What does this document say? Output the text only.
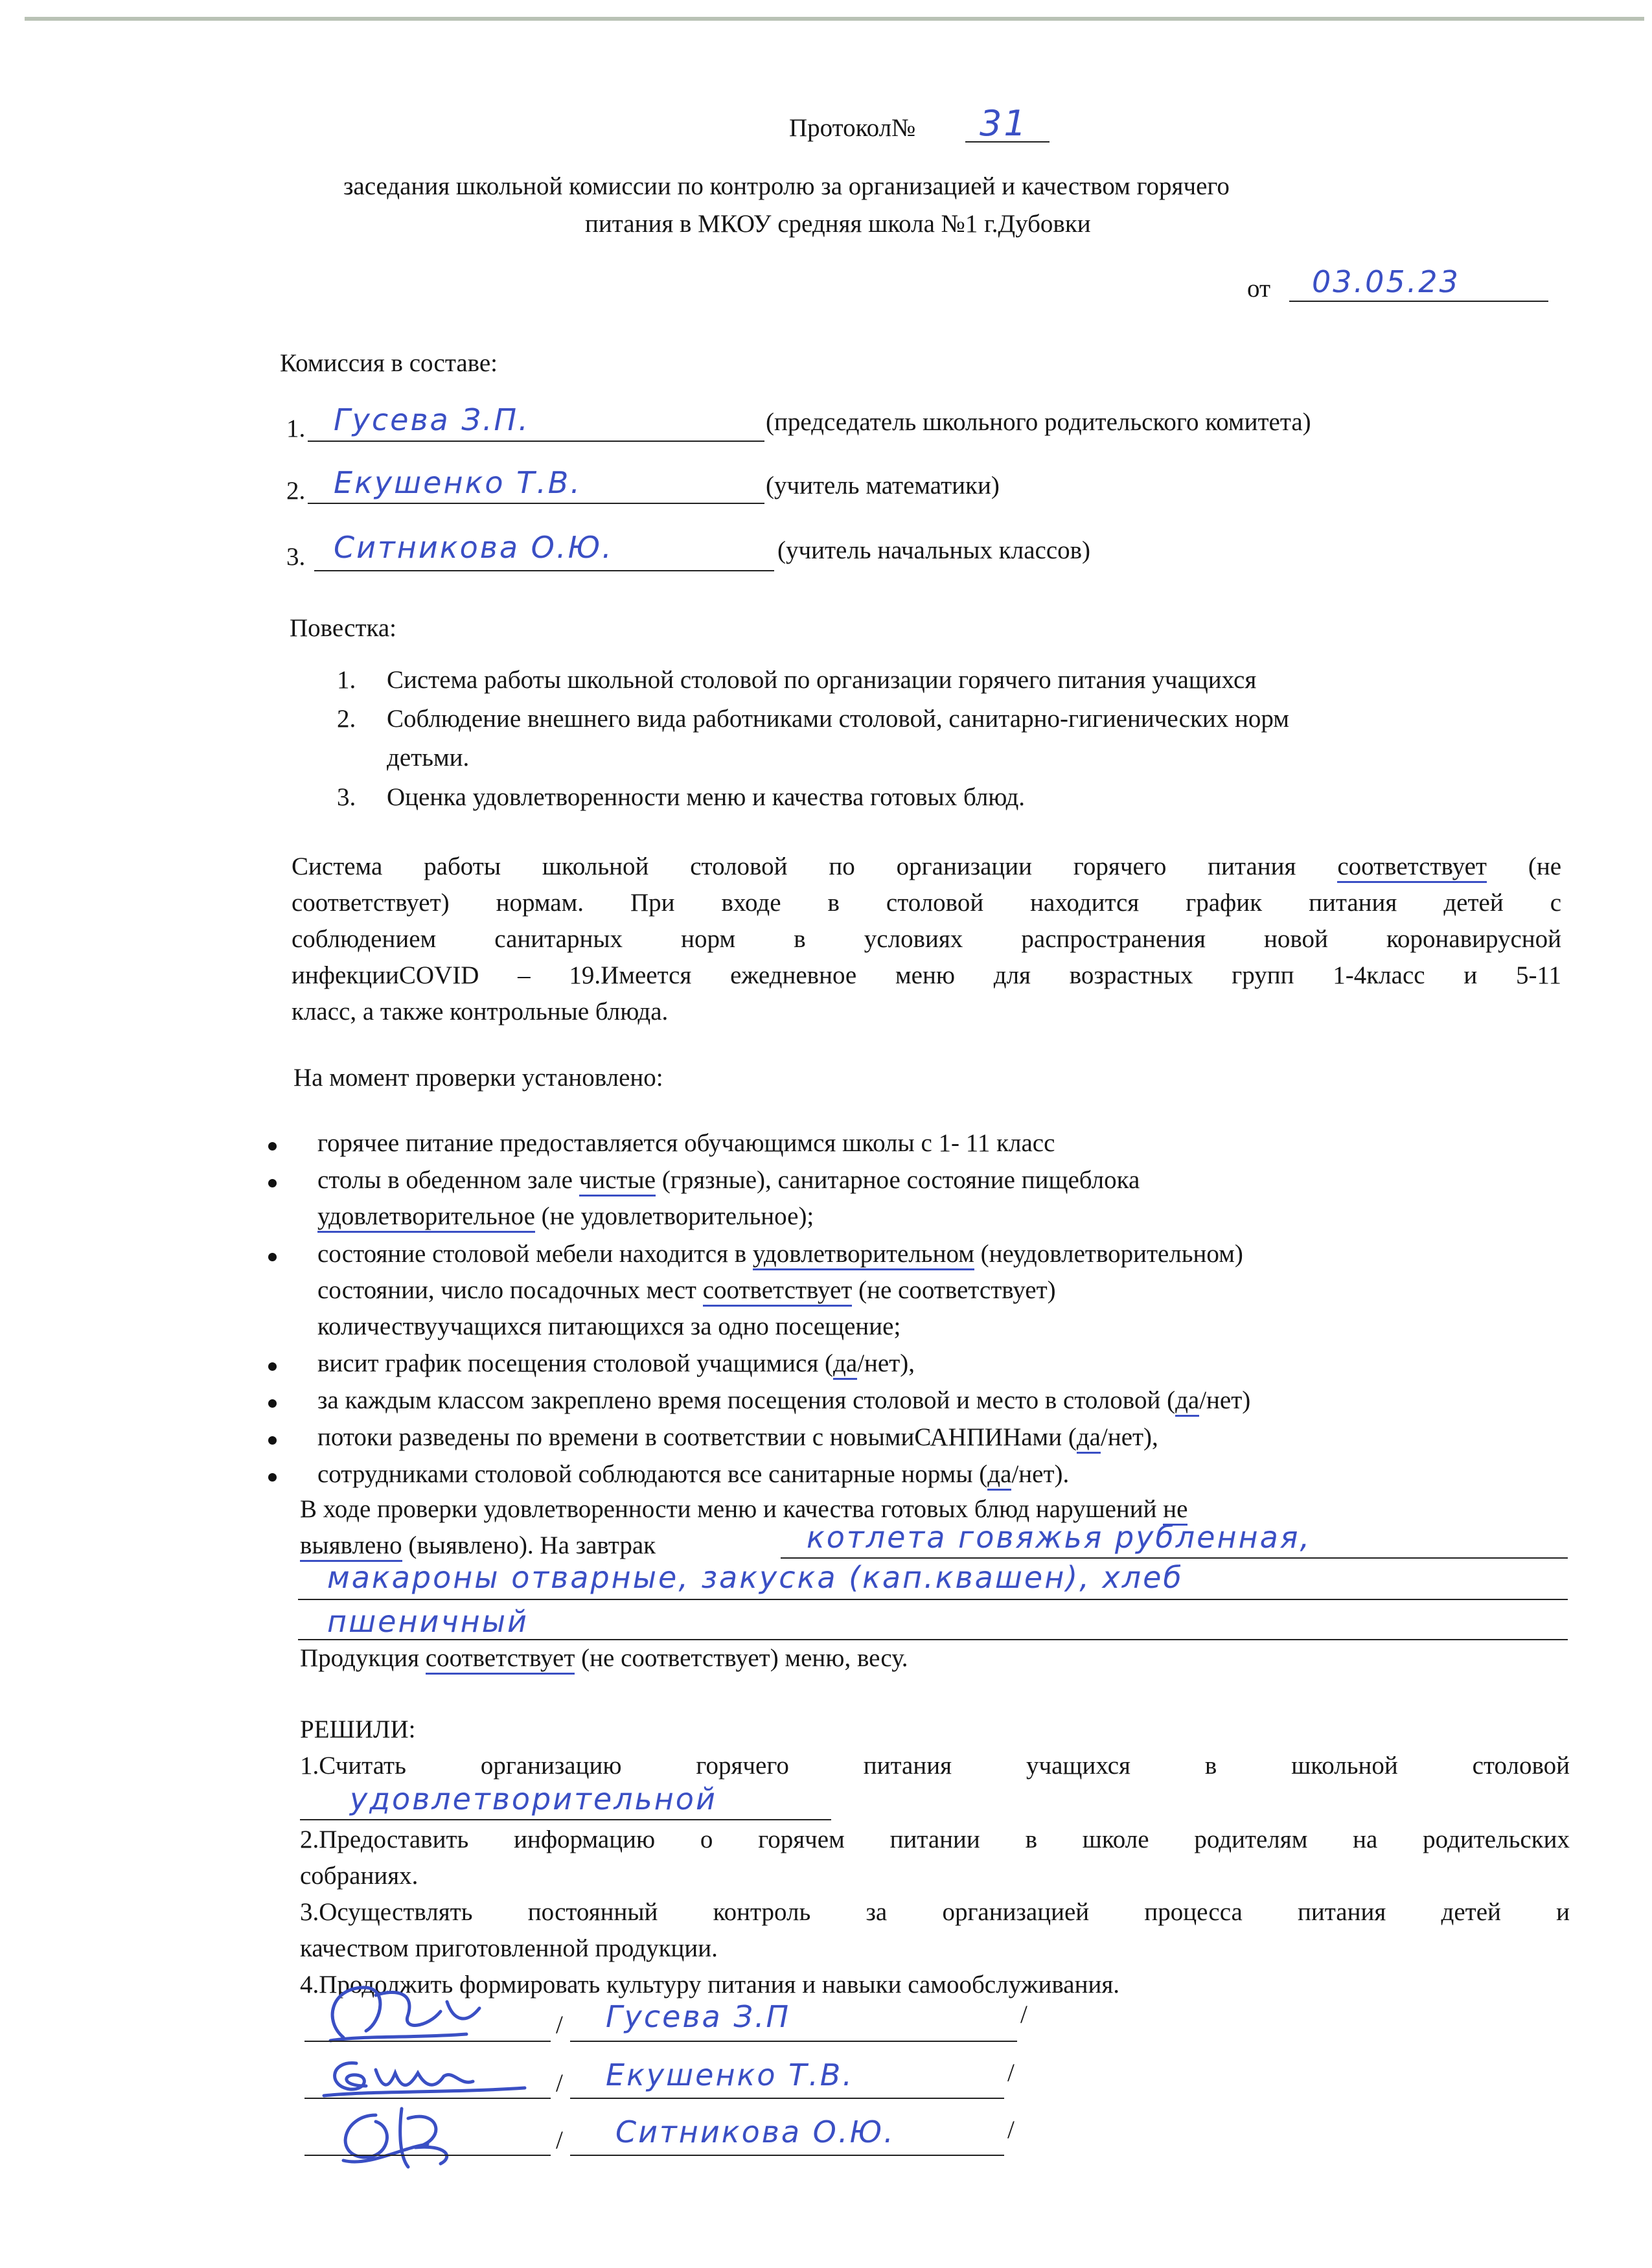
Протокол№ 31
заседания школьной комиссии по контролю за организацией и качеством горячего
питания в МКОУ средняя школа №1 г.Дубовки
от 03.05.23
Комиссия в составе:
1. Гусева З.П.	(председатель школьного родительского комитета)
2. Екушенко Т.В.	(учитель математики)
3. Ситникова О.Ю.	(учитель начальных классов)
Повестка:
1. Система работы школьной столовой по организации горячего питания учащихся
2. Соблюдение внешнего вида работниками столовой, санитарно-гигиенических норм
детьми.
3. Оценка удовлетворенности меню и качества готовых блюд.
Система работы школьной столовой по организации горячего питания соответствует (не
соответствует) нормам. При входе в столовой находится график питания детей с
соблюдением санитарных норм в условиях распространения новой коронавирусной
инфекцииCOVID – 19.Имеется ежедневное меню для возрастных групп 1-4класс и 5-11
класс, а также контрольные блюда.
На момент проверки установлено:
горячее питание предоставляется обучающимся школы с 1- 11 класс
столы в обеденном зале чистые (грязные), санитарное состояние пищеблока
удовлетворительное (не удовлетворительное);
состояние столовой мебели находится в удовлетворительном (неудовлетворительном)
состоянии, число посадочных мест соответствует (не соответствует)
количествуучащихся питающихся за одно посещение;
висит график посещения столовой учащимися (да/нет),
за каждым классом закреплено время посещения столовой и место в столовой (да/нет)
потоки разведены по времени в соответствии с новымиСАНПИНами (да/нет),
сотрудниками столовой соблюдаются все санитарные нормы (да/нет).
В ходе проверки удовлетворенности меню и качества готовых блюд нарушений не
выявлено (выявлено). На завтрак	котлета говяжья рубленная,
макароны отварные, закуска (кап.квашен), хлеб
пшеничный
Продукция соответствует (не соответствует) меню, весу.
РЕШИЛИ:
1.Считать организацию горячего питания учащихся в школьной столовой
удовлетворительной
2.Предоставить информацию о горячем питании в школе родителям на родительских
собраниях.
3.Осуществлять постоянный контроль за организацией процесса питания детей и
качеством приготовленной продукции.
4.Продолжить формировать культуру питания и навыки самообслуживания.
/ Гусева З.П	/
/ Екушенко Т.В.	/
/ Ситникова О.Ю.	/
